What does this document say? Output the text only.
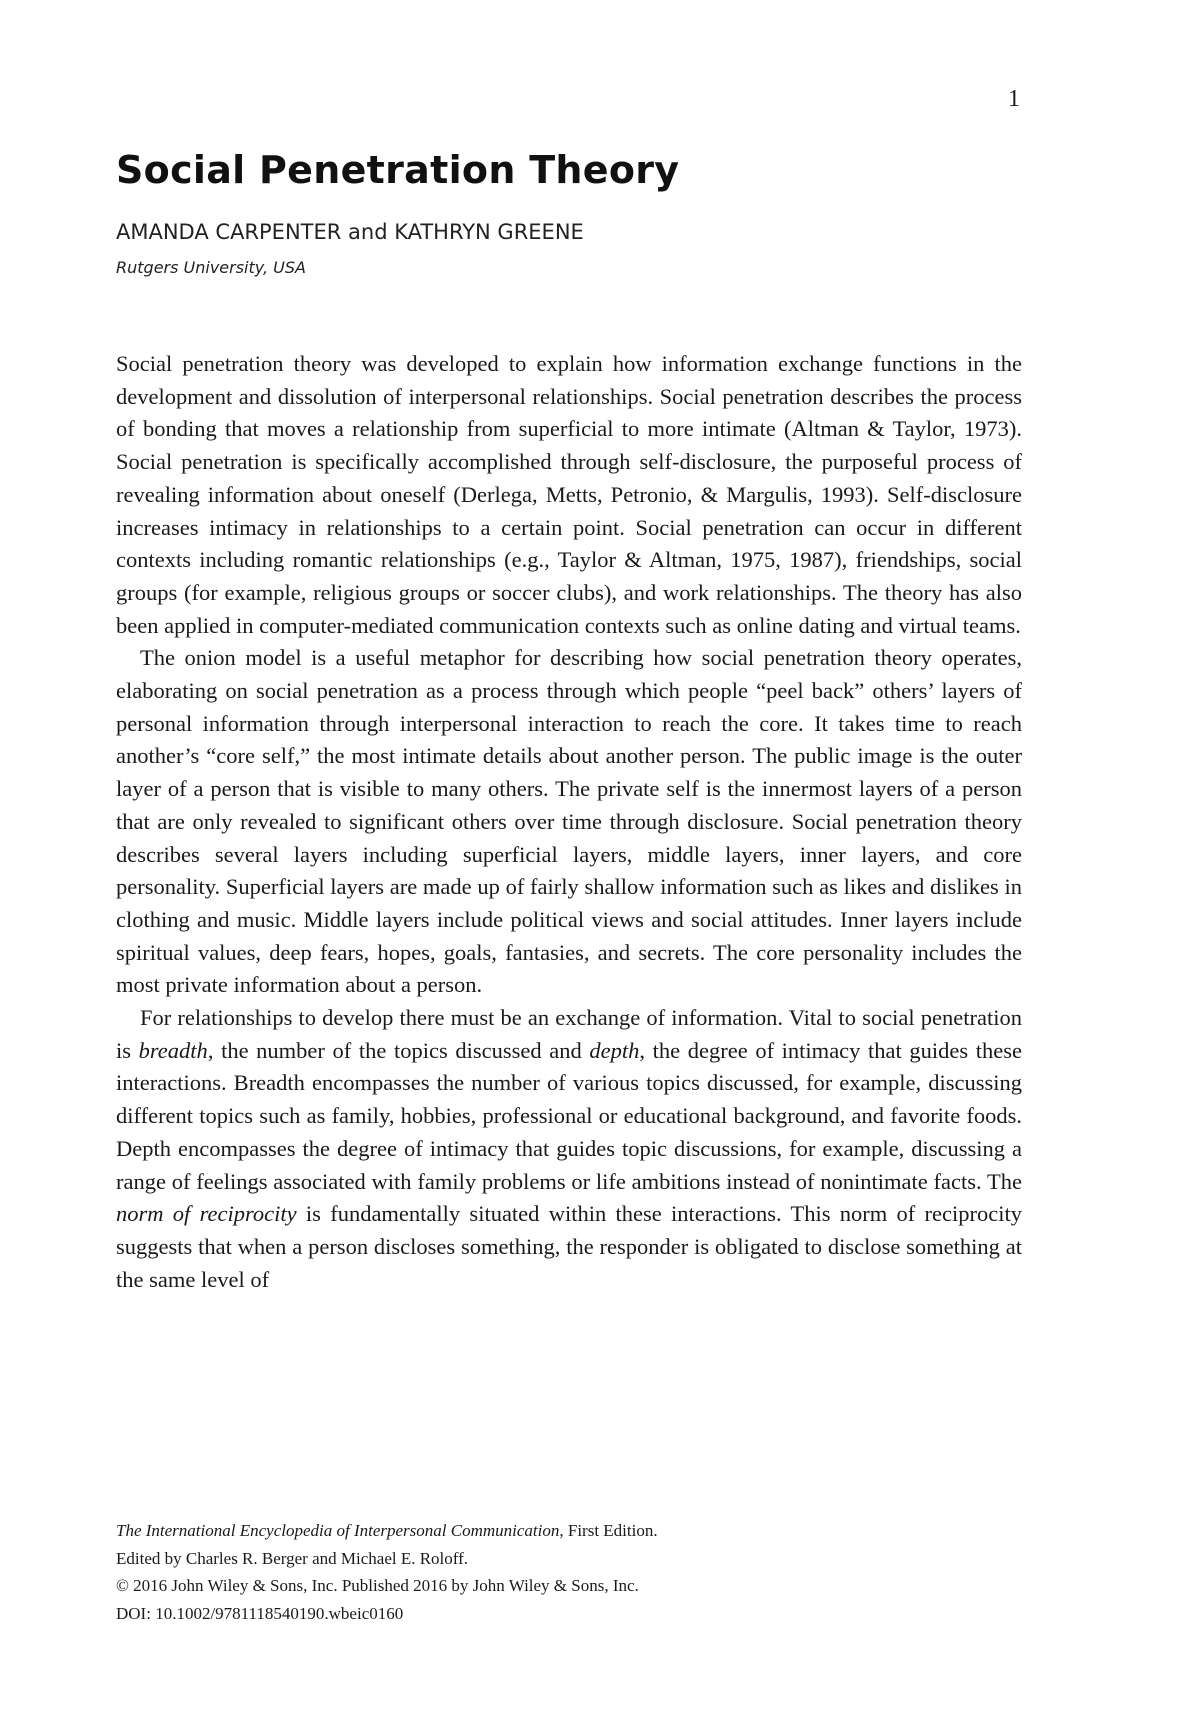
1
Social Penetration Theory
AMANDA CARPENTER and KATHRYN GREENE
Rutgers University, USA

Social penetration theory was developed to explain how information exchange functions in the development and dissolution of interpersonal relationships. Social penetration describes the process of bonding that moves a relationship from superficial to more intimate (Altman & Taylor, 1973). Social penetration is specifically accomplished through self-disclosure, the purposeful process of revealing information about oneself (Derlega, Metts, Petronio, & Margulis, 1993). Self-disclosure increases intimacy in relationships to a certain point. Social penetration can occur in different contexts including romantic relationships (e.g., Taylor & Altman, 1975, 1987), friendships, social groups (for example, religious groups or soccer clubs), and work relationships. The theory has also been applied in computer-mediated communication contexts such as online dating and virtual teams.

The onion model is a useful metaphor for describing how social penetration theory operates, elaborating on social penetration as a process through which people “peel back” others’ layers of personal information through interpersonal interaction to reach the core. It takes time to reach another’s “core self,” the most intimate details about another person. The public image is the outer layer of a person that is visible to many others. The private self is the innermost layers of a person that are only revealed to significant others over time through disclosure. Social penetration theory describes several layers including superficial layers, middle layers, inner layers, and core personality. Superficial layers are made up of fairly shallow information such as likes and dislikes in clothing and music. Middle layers include political views and social attitudes. Inner layers include spiritual values, deep fears, hopes, goals, fantasies, and secrets. The core personality includes the most private information about a person.

For relationships to develop there must be an exchange of information. Vital to social penetration is breadth, the number of the topics discussed and depth, the degree of intimacy that guides these interactions. Breadth encompasses the number of various topics discussed, for example, discussing different topics such as family, hobbies, professional or educational background, and favorite foods. Depth encompasses the degree of intimacy that guides topic discussions, for example, discussing a range of feelings associated with family problems or life ambitions instead of nonintimate facts. The norm of reciprocity is fundamentally situated within these interactions. This norm of reciprocity suggests that when a person discloses something, the responder is obligated to disclose something at the same level of

The International Encyclopedia of Interpersonal Communication, First Edition.
Edited by Charles R. Berger and Michael E. Roloff.
© 2016 John Wiley & Sons, Inc. Published 2016 by John Wiley & Sons, Inc.
DOI: 10.1002/9781118540190.wbeic0160
